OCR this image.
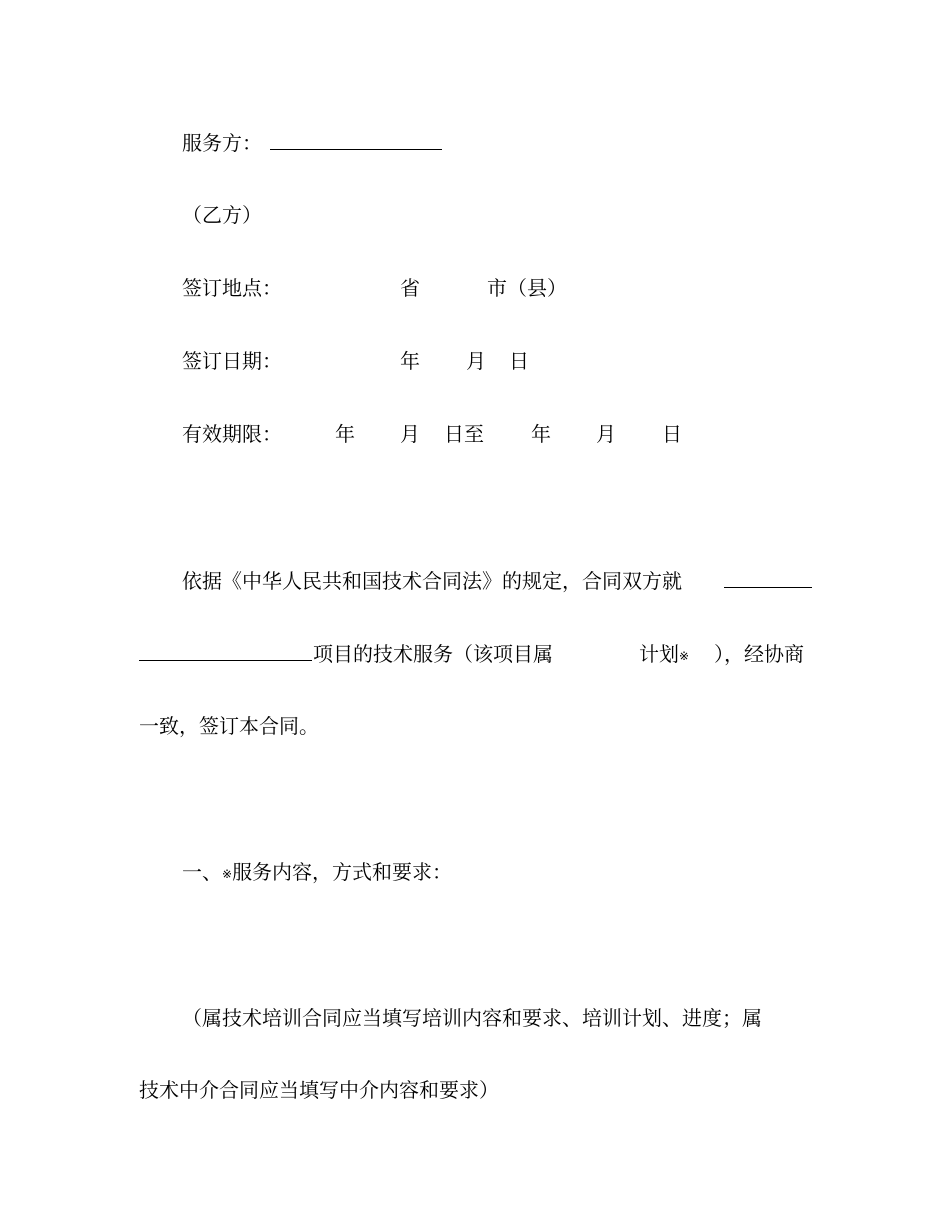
服务方：
（乙方）
签订地点：	省	市（县）
签订日期：	年 月 日
有效期限：	年 月 日至 年 月 日
依据《中华人民共和国技术合同法》的规定，合同双方就
项目的技术服务（该项目属	计划※ ），经协商
一致，签订本合同。
一、※服务内容，方式和要求：
（属技术培训合同应当填写培训内容和要求、培训计划、进度；属
技术中介合同应当填写中介内容和要求）
